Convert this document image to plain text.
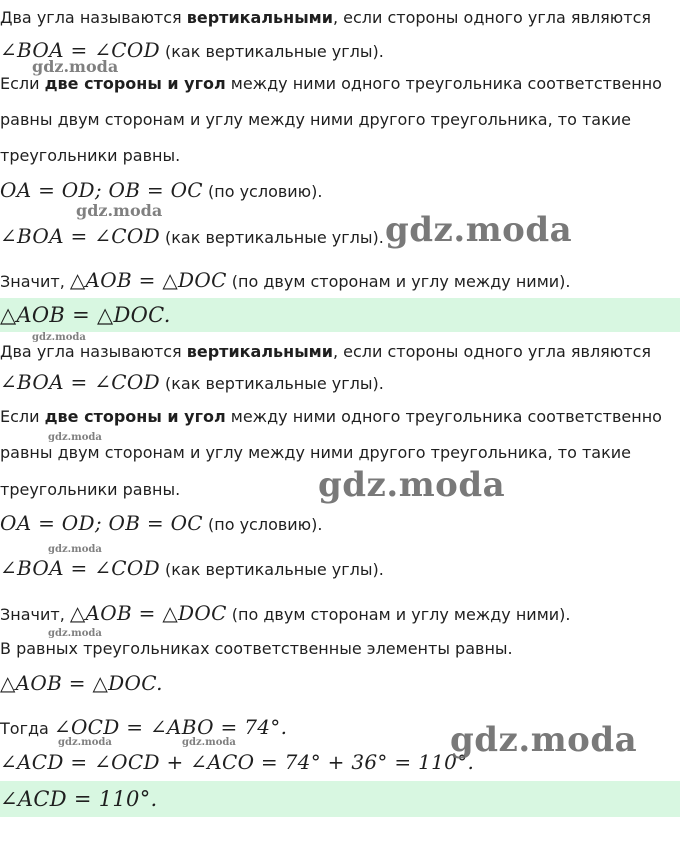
Два угла называются вертикальными, если стороны одного угла являются
∠BOA = ∠COD (как вертикальные углы).
Если две стороны и угол между ними одного треугольника соответственно
равны двум сторонам и углу между ними другого треугольника, то такие
треугольники равны.
OA = OD; OB = OC (по условию).
∠BOA = ∠COD (как вертикальные углы).
Значит, △AOB = △DOC (по двум сторонам и углу между ними).
△AOB = △DOC.
Два угла называются вертикальными, если стороны одного угла являются
∠BOA = ∠COD (как вертикальные углы).
Если две стороны и угол между ними одного треугольника соответственно
равны двум сторонам и углу между ними другого треугольника, то такие
треугольники равны.
OA = OD; OB = OC (по условию).
∠BOA = ∠COD (как вертикальные углы).
Значит, △AOB = △DOC (по двум сторонам и углу между ними).
В равных треугольниках соответственные элементы равны.
△AOB = △DOC.
Тогда ∠OCD = ∠ABO = 74°.
∠ACD = ∠OCD + ∠ACO = 74° + 36° = 110°.
∠ACD = 110°.
gdz.moda
gdz.moda	gdz.moda
gdz.moda
gdz.moda
gdz.moda
gdz.moda
gdz.moda
gdz.moda
gdz.moda	gdz.moda
